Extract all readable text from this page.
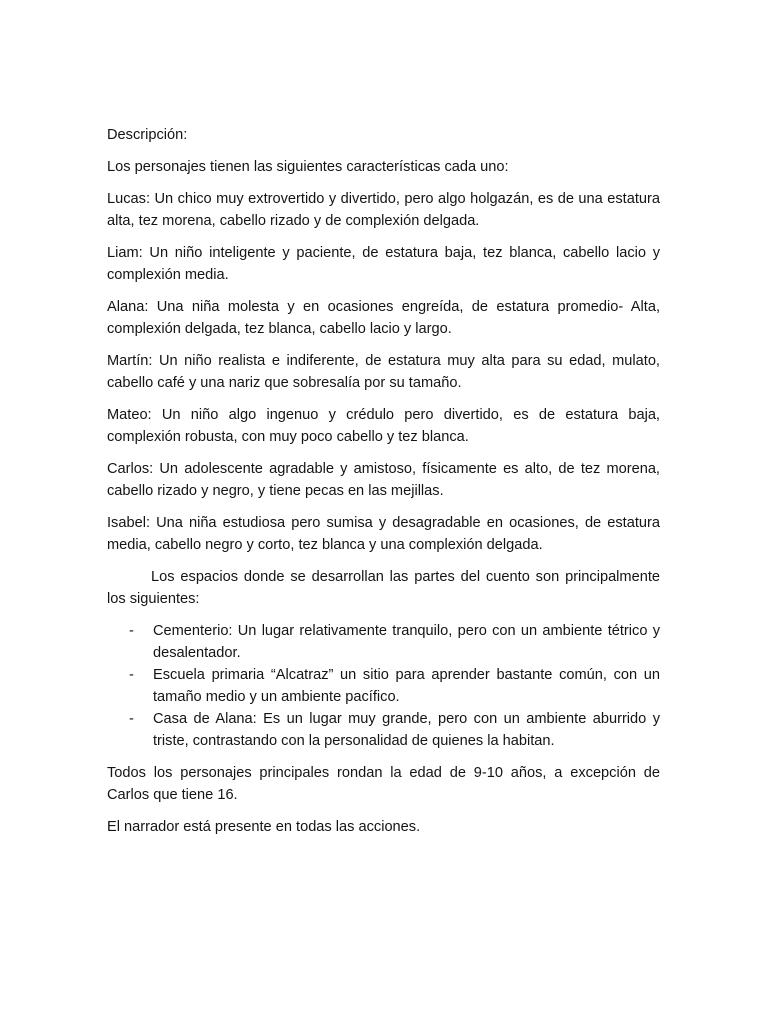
Descripción:

Los personajes tienen las siguientes características cada uno:

Lucas: Un chico muy extrovertido y divertido, pero algo holgazán, es de una estatura alta, tez morena, cabello rizado y de complexión delgada.

Liam: Un niño inteligente y paciente, de estatura baja, tez blanca, cabello lacio y complexión media.

Alana: Una niña molesta y en ocasiones engreída, de estatura promedio- Alta, complexión delgada, tez blanca, cabello lacio y largo.

Martín: Un niño realista e indiferente, de estatura muy alta para su edad, mulato, cabello café y una nariz que sobresalía por su tamaño.

Mateo: Un niño algo ingenuo y crédulo pero divertido, es de estatura baja, complexión robusta, con muy poco cabello y tez blanca.

Carlos: Un adolescente agradable y amistoso, físicamente es alto, de tez morena, cabello rizado y negro, y tiene pecas en las mejillas.

Isabel: Una niña estudiosa pero sumisa y desagradable en ocasiones, de estatura media, cabello negro y corto, tez blanca y una complexión delgada.

Los espacios donde se desarrollan las partes del cuento son principalmente los siguientes:

- Cementerio: Un lugar relativamente tranquilo, pero con un ambiente tétrico y desalentador.
- Escuela primaria “Alcatraz” un sitio para aprender bastante común, con un tamaño medio y un ambiente pacífico.
- Casa de Alana: Es un lugar muy grande, pero con un ambiente aburrido y triste, contrastando con la personalidad de quienes la habitan.

Todos los personajes principales rondan la edad de 9-10 años, a excepción de Carlos que tiene 16.

El narrador está presente en todas las acciones.
